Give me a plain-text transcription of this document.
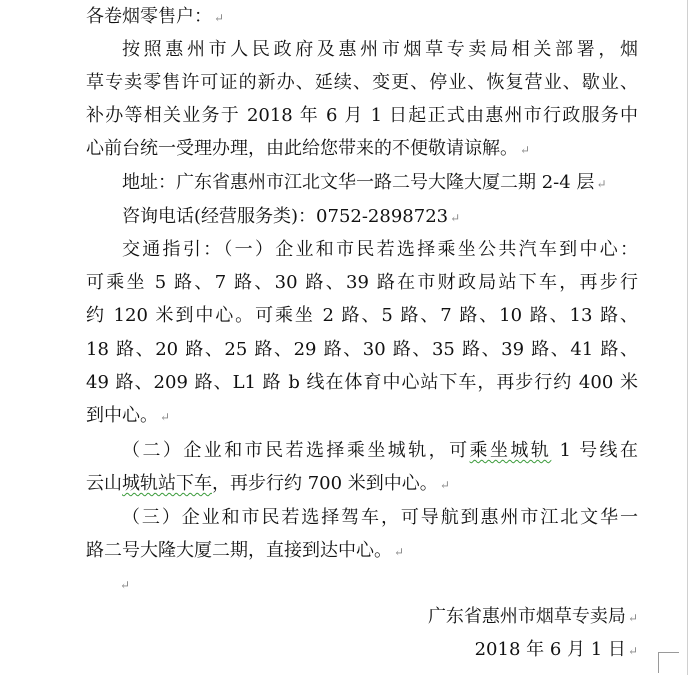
各卷烟零售户： ↵
按照惠州市人民政府及惠州市烟草专卖局相关部署，烟
草专卖零售许可证的新办、延续、变更、停业、恢复营业、歇业、
补办等相关业务于 2018 年 6 月 1 日起正式由惠州市行政服务中
心前台统一受理办理，由此给您带来的不便敬请谅解。 ↵
地址：广东省惠州市江北文华一路二号大隆大厦二期 2-4 层 ↵
咨询电话(经营服务类)：0752-2898723 ↵
交通指引：（一）企业和市民若选择乘坐公共汽车到中心：
可乘坐 5 路、7 路、30 路、39 路在市财政局站下车，再步行
约 120 米到中心。可乘坐 2 路、5 路、7 路、10 路、13 路、
18 路、20 路、25 路、29 路、30 路、35 路、39 路、41 路、
49 路、209 路、L1 路 b 线在体育中心站下车，再步行约 400 米
到中心。 ↵
（二）企业和市民若选择乘坐城轨，可乘坐城轨 1 号线在
云山城轨站下车，再步行约 700 米到中心。 ↵
（三）企业和市民若选择驾车，可导航到惠州市江北文华一
路二号大隆大厦二期，直接到达中心。 ↵
↵
广东省惠州市烟草专卖局 ↵
2018 年 6 月 1 日 ↵
